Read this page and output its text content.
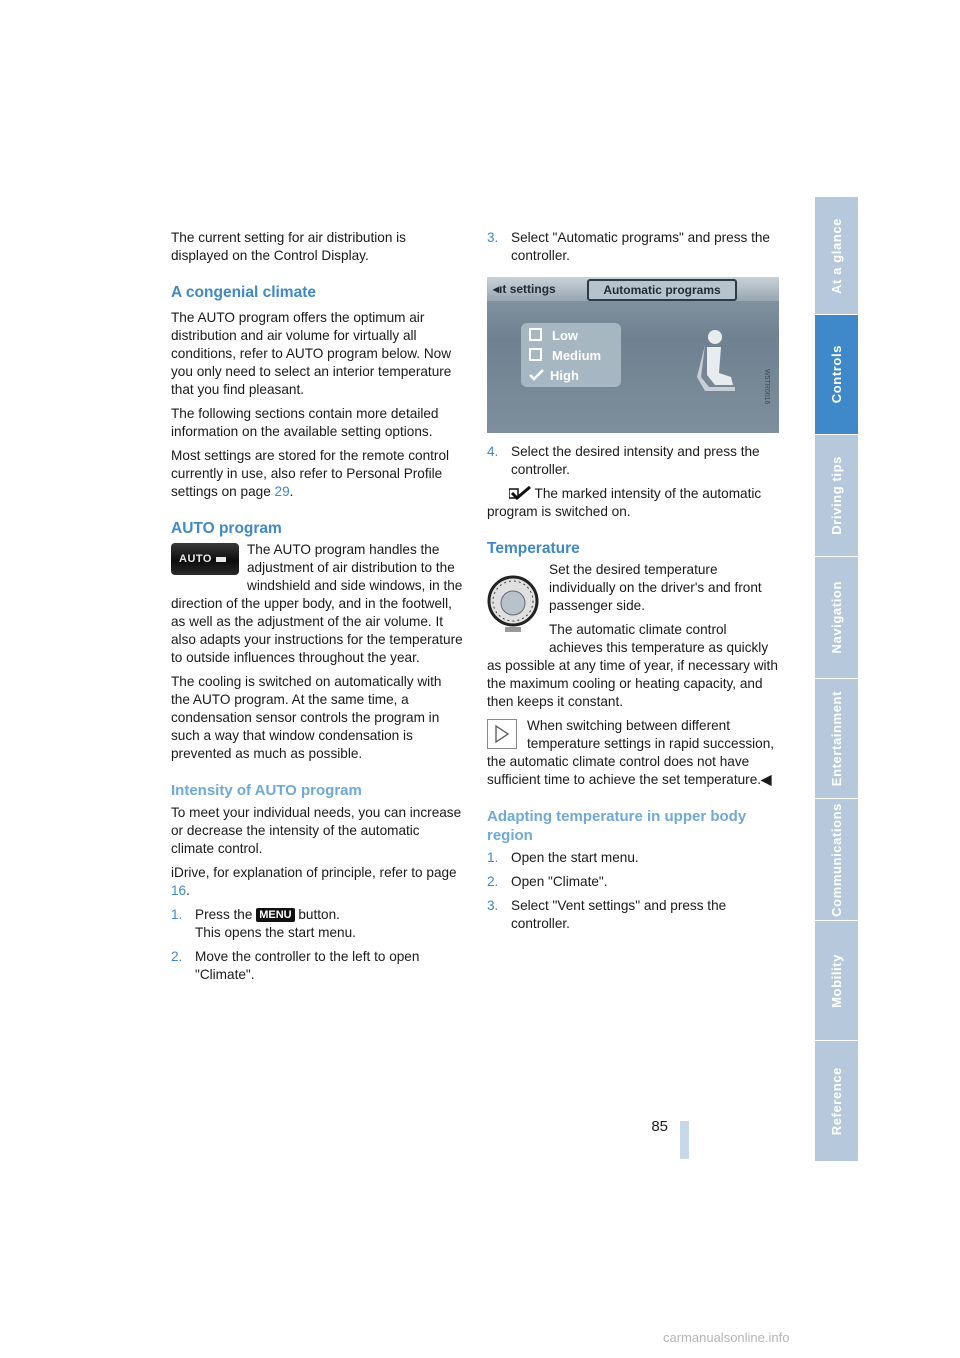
The current setting for air distribution is displayed on the Control Display.

A congenial climate

The AUTO program offers the optimum air distribution and air volume for virtually all conditions, refer to AUTO program below. Now you only need to select an interior temperature that you find pleasant.

The following sections contain more detailed information on the available setting options.

Most settings are stored for the remote control currently in use, also refer to Personal Profile settings on page 29.

AUTO program
AUTO

The AUTO program handles the adjustment of air distribution to the windshield and side windows, in the direction of the upper body, and in the footwell, as well as the adjustment of the air volume. It also adapts your instructions for the temperature to outside influences throughout the year.

The cooling is switched on automatically with the AUTO program. At the same time, a condensation sensor controls the program in such a way that window condensation is prevented as much as possible.

Intensity of AUTO program

To meet your individual needs, you can increase or decrease the intensity of the automatic climate control.

iDrive, for explanation of principle, refer to page 16.

1. Press the MENU button.
This opens the start menu.
2. Move the controller to the left to open "Climate".
3. Select "Automatic programs" and press the controller.
◂ıt settings	Automatic programs
Low
Medium
High	W5TR0016
4. Select the desired intensity and press the controller.

The marked intensity of the automatic program is switched on.

Temperature

Set the desired temperature individually on the driver's and front passenger side.

The automatic climate control achieves this temperature as quickly as possible at any time of year, if necessary with the maximum cooling or heating capacity, and then keeps it constant.

When switching between different temperature settings in rapid succession, the automatic climate control does not have sufficient time to achieve the set temperature.◀

Adapting temperature in upper body region
1. Open the start menu.
2. Open "Climate".
3. Select "Vent settings" and press the controller.
At a glance
Controls
Driving tips
Navigation
Entertainment
Communications
Mobility
Reference
85
carmanualsonline.info
